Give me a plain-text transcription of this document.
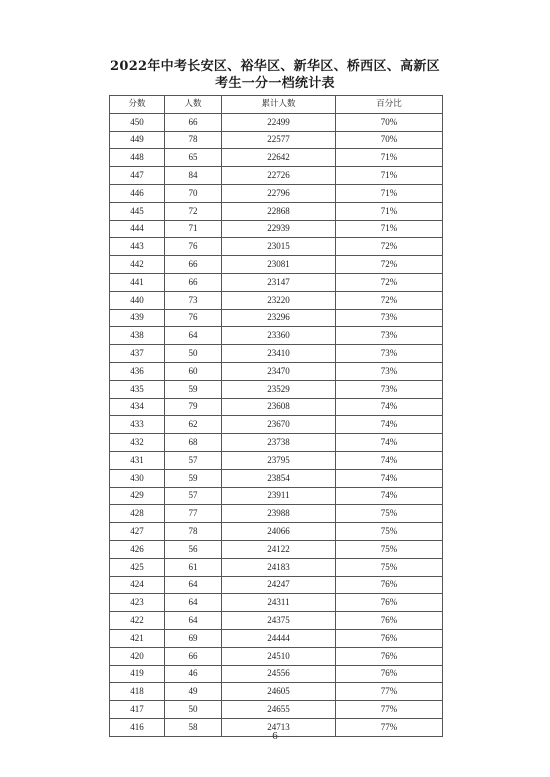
2022年中考长安区、裕华区、新华区、桥西区、高新区
考生一分一档统计表
分数	人数	累计人数	百分比
450	66	22499	70%
449	78	22577	70%
448	65	22642	71%
447	84	22726	71%
446	70	22796	71%
445	72	22868	71%
444	71	22939	71%
443	76	23015	72%
442	66	23081	72%
441	66	23147	72%
440	73	23220	72%
439	76	23296	73%
438	64	23360	73%
437	50	23410	73%
436	60	23470	73%
435	59	23529	73%
434	79	23608	74%
433	62	23670	74%
432	68	23738	74%
431	57	23795	74%
430	59	23854	74%
429	57	23911	74%
428	77	23988	75%
427	78	24066	75%
426	56	24122	75%
425	61	24183	75%
424	64	24247	76%
423	64	24311	76%
422	64	24375	76%
421	69	24444	76%
420	66	24510	76%
419	46	24556	76%
418	49	24605	77%
417	50	24655	77%
416	58	24713	77%
6
